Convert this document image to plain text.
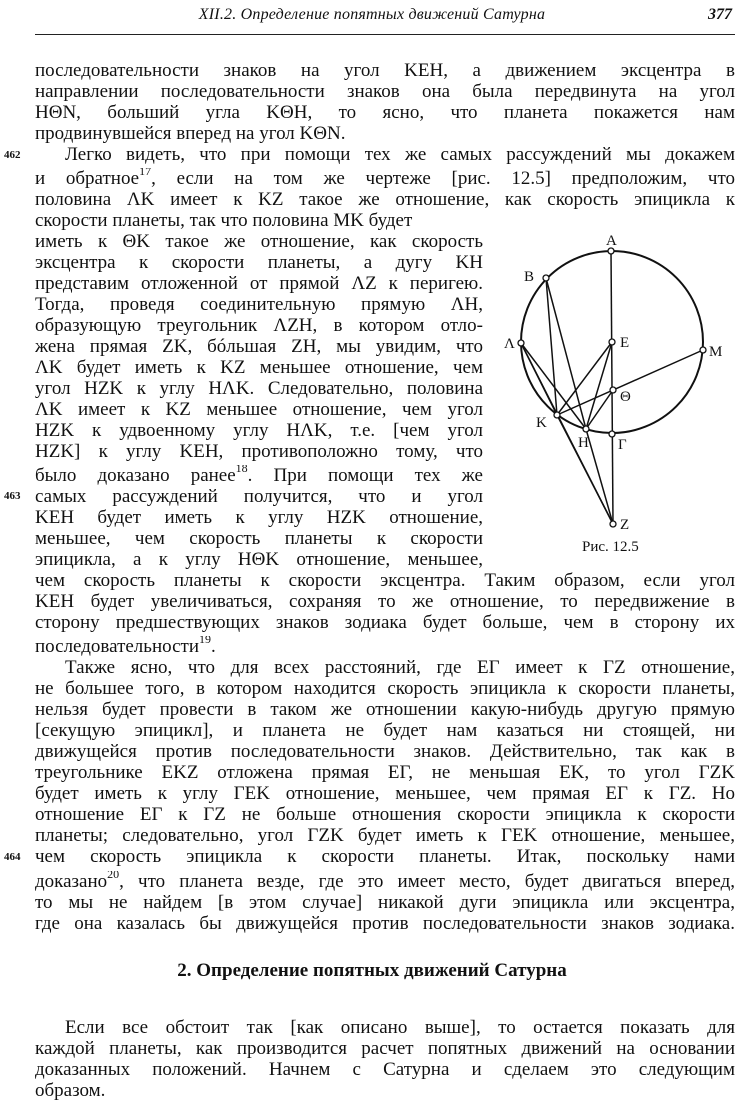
XII.2. Определение попятных движений Сатурна	377
462
463
464
последовательности знаков на угол KEH, а движением эксцентра в
направлении последовательности знаков она была передвинута на угол
HΘN, больший угла KΘH, то ясно, что планета покажется нам
продвинувшейся вперед на угол KΘN.
Легко видеть, что при помощи тех же самых рассуждений мы докажем
и обратное$^{17}$, если на том же чертеже [рис. 12.5] предположим, что
половина ΛK имеет к KZ такое же отношение, как скорость эпицикла к
скорости планеты, так что половина MK будет
иметь к ΘK такое же отношение, как скорость
эксцентра к скорости планеты, а дугу KH
представим отложенной от прямой ΛZ к перигею.
Тогда, проведя соединительную прямую ΛH,
образующую треугольник ΛZH, в котором отло-
жена прямая ZK, бóльшая ZH, мы увидим, что
ΛK будет иметь к KZ меньшее отношение, чем
угол HZK к углу HΛK. Следовательно, половина
ΛK имеет к KZ меньшее отношение, чем угол
HZK к удвоенному углу HΛK, т.е. [чем угол
HZK] к углу KEH, противоположно тому, что
было доказано ранее$^{18}$. При помощи тех же
самых рассуждений получится, что и угол
KEH будет иметь к углу HZK отношение,
меньшее, чем скорость планеты к скорости
эпицикла, а к углу HΘK отношение, меньшее,
чем скорость планеты к скорости эксцентра. Таким образом, если угол
KEH будет увеличиваться, сохраняя то же отношение, то передвижение в
сторону предшествующих знаков зодиака будет больше, чем в сторону их
последовательности$^{19}$.
Также ясно, что для всех расстояний, где EΓ имеет к ΓZ отношение,
не большее того, в котором находится скорость эпицикла к скорости планеты,
нельзя будет провести в таком же отношении какую-нибудь другую прямую
[секущую эпицикл], и планета не будет нам казаться ни стоящей, ни
движущейся против последовательности знаков. Действительно, так как в
треугольнике EKZ отложена прямая EΓ, не меньшая EK, то угол ΓZK
будет иметь к углу ΓEK отношение, меньшее, чем прямая EΓ к ΓZ. Но
отношение EΓ к ΓZ не больше отношения скорости эпицикла к скорости
планеты; следовательно, угол ΓZK будет иметь к ΓEK отношение, меньшее,
чем скорость эпицикла к скорости планеты. Итак, поскольку нами
доказано$^{20}$, что планета везде, где это имеет место, будет двигаться вперед,
то мы не найдем [в этом случае] никакой дуги эпицикла или эксцентра,
где она казалась бы движущейся против последовательности знаков зодиака.
2. Определение попятных движений Сатурна
Если все обстоит так [как описано выше], то остается показать для
каждой планеты, как производится расчет попятных движений на основании
доказанных положений. Начнем с Сатурна и сделаем это следующим
образом.
A
B
Λ	E
M
Θ
K
H Γ
Z
Рис. 12.5
